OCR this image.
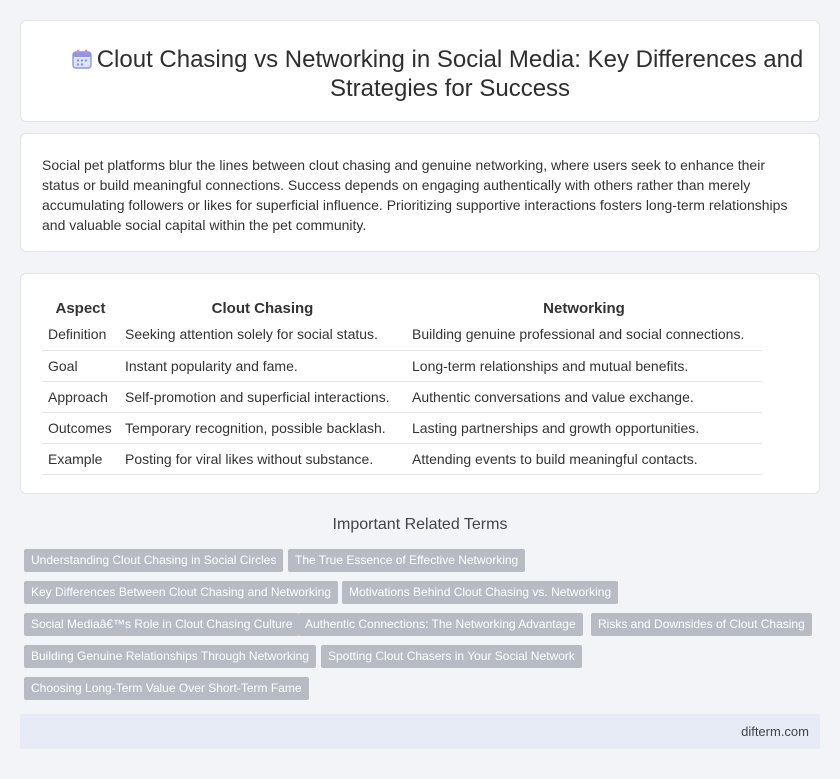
Clout Chasing vs Networking in Social Media: Key Differences and Strategies for Success

Social pet platforms blur the lines between clout chasing and genuine networking, where users seek to enhance their status or build meaningful connections. Success depends on engaging authentically with others rather than merely accumulating followers or likes for superficial influence. Prioritizing supportive interactions fosters long-term relationships and valuable social capital within the pet community.

Aspect	Clout Chasing	Networking
Definition	Seeking attention solely for social status.	Building genuine professional and social connections.
Goal	Instant popularity and fame.	Long-term relationships and mutual benefits.
Approach	Self-promotion and superficial interactions.	Authentic conversations and value exchange.
Outcomes	Temporary recognition, possible backlash.	Lasting partnerships and growth opportunities.
Example	Posting for viral likes without substance.	Attending events to build meaningful contacts.
Important Related Terms
Understanding Clout Chasing in Social Circles	The True Essence of Effective Networking
Key Differences Between Clout Chasing and Networking	Motivations Behind Clout Chasing vs. Networking
Social Mediaâ€™s Role in Clout Chasing Culture	Authentic Connections: The Networking Advantage	Risks and Downsides of Clout Chasing
Building Genuine Relationships Through Networking	Spotting Clout Chasers in Your Social Network
Choosing Long-Term Value Over Short-Term Fame
difterm.com
